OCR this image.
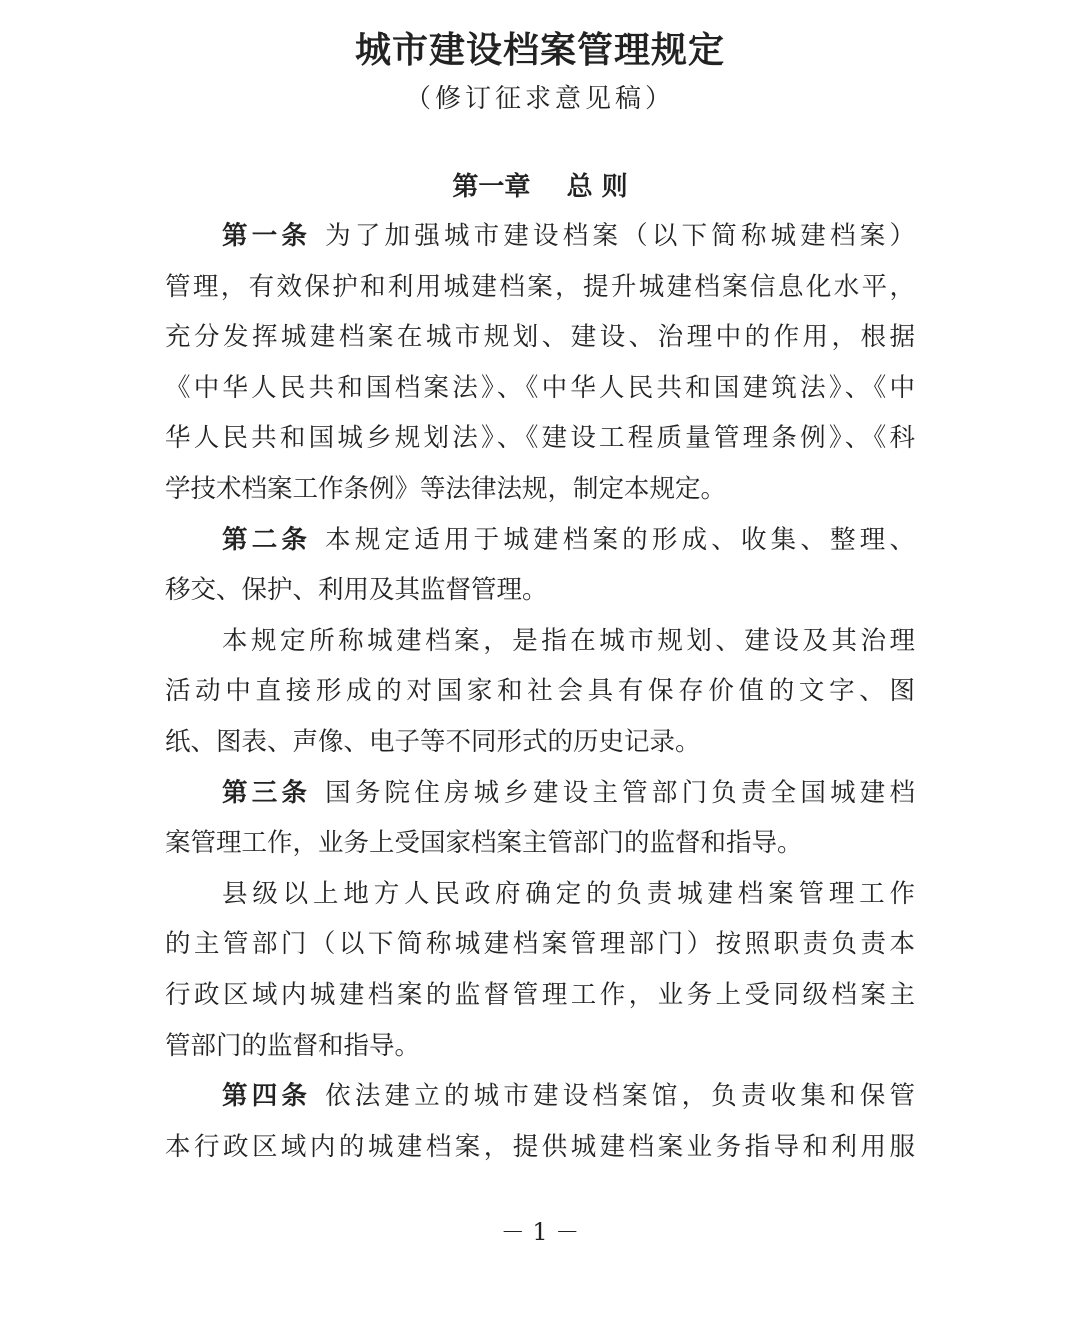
城市建设档案管理规定
（修订征求意见稿）
第一章 总 则
第一条 为了加强城市建设档案（以下简称城建档案）
管理，有效保护和利用城建档案，提升城建档案信息化水平，
充分发挥城建档案在城市规划、建设、治理中的作用，根据
《中华人民共和国档案法》、《中华人民共和国建筑法》、《中
华人民共和国城乡规划法》、《建设工程质量管理条例》、《科
学技术档案工作条例》等法律法规，制定本规定。
第二条 本规定适用于城建档案的形成、收集、整理、
移交、保护、利用及其监督管理。
本规定所称城建档案，是指在城市规划、建设及其治理
活动中直接形成的对国家和社会具有保存价值的文字、图
纸、图表、声像、电子等不同形式的历史记录。
第三条 国务院住房城乡建设主管部门负责全国城建档
案管理工作，业务上受国家档案主管部门的监督和指导。
县级以上地方人民政府确定的负责城建档案管理工作
的主管部门（以下简称城建档案管理部门）按照职责负责本
行政区域内城建档案的监督管理工作，业务上受同级档案主
管部门的监督和指导。
第四条 依法建立的城市建设档案馆，负责收集和保管
本行政区域内的城建档案，提供城建档案业务指导和利用服
－ 1 －
